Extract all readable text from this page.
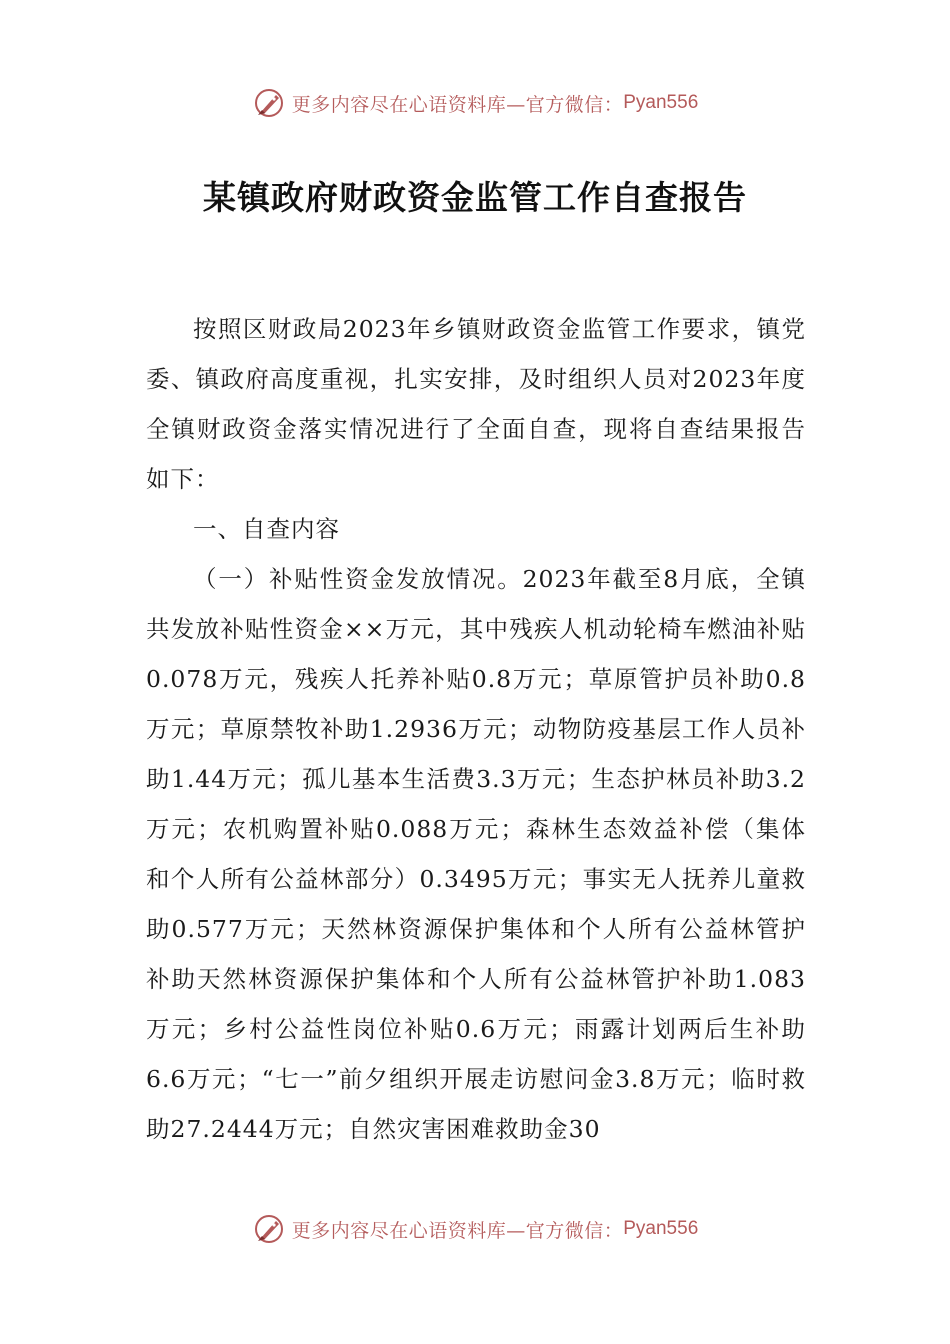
更多内容尽在心语资料库—官方微信： Pyan556
某镇政府财政资金监管工作自查报告

按照区财政局2023年乡镇财政资金监管工作要求，镇党委、镇政府高度重视，扎实安排，及时组织人员对2023年度全镇财政资金落实情况进行了全面自查，现将自查结果报告如下：

一、自查内容

（一）补贴性资金发放情况。2023年截至8月底，全镇共发放补贴性资金××万元，其中残疾人机动轮椅车燃油补贴0.078万元，残疾人托养补贴0.8万元；草原管护员补助0.8万元；草原禁牧补助1.2936万元；动物防疫基层工作人员补助1.44万元；孤儿基本生活费3.3万元；生态护林员补助3.2万元；农机购置补贴0.088万元；森林生态效益补偿（集体和个人所有公益林部分）0.3495万元；事实无人抚养儿童救助0.577万元；天然林资源保护集体和个人所有公益林管护补助天然林资源保护集体和个人所有公益林管护补助1.083万元；乡村公益性岗位补贴0.6万元；雨露计划两后生补助6.6万元；“七一”前夕组织开展走访慰问金3.8万元；临时救助27.2444万元；自然灾害困难救助金30

更多内容尽在心语资料库—官方微信： Pyan556
